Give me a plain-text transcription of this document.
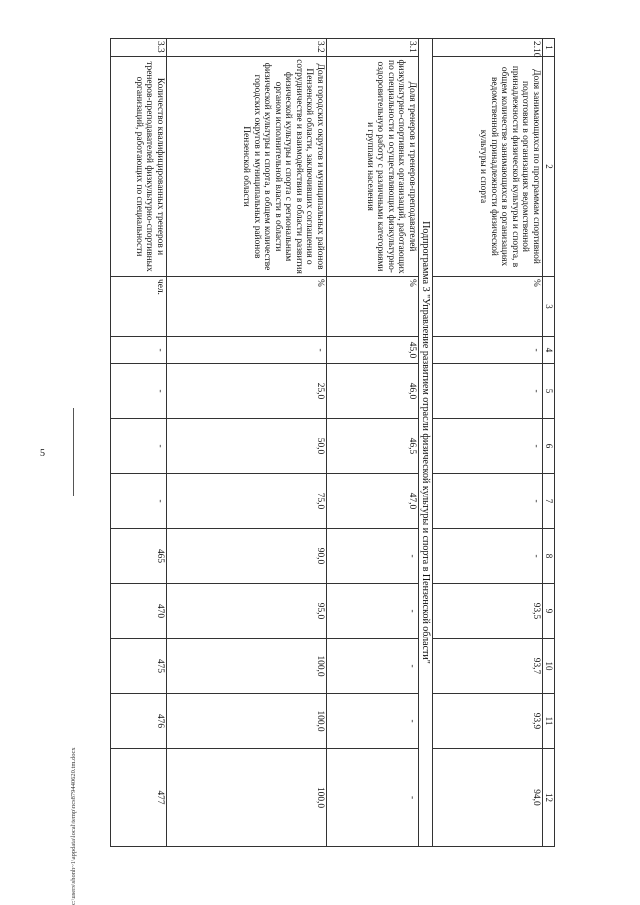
5
c:\users\shonh~1\appdata\local\temp\ncs879440620.tm.docx
1	2	3	4	5	6	7	8	9	10	11	12
2.10	Доля занимающихся по программам спортивной подготовки в организациях ведомственной принадлежности физической культуры и спорта, в общем количестве занимающихся в организациях ведомственной принадлежности физической культуры и спорта	%	-	-	-	-	-	93,5	93,7	93,9	94,0
Подпрограмма 3 "Управление развитием отрасли физической культуры и спорта в Пензенской области"											
3.1	Доля тренеров и тренеров-преподавателей физкультурно-спортивных организаций, работающих по специальности и осуществляющих физкультурно-оздоровительную работу с различными категориями и группами населения	%	45,0	46,0	46,5	47,0	-	-	-	-	-
3.2	Доля городских округов и муниципальных районов Пензенской области, заключивших соглашения о сотрудничестве и взаимодействии в области развития физической культуры и спорта с региональным органом исполнительной власти в области физической культуры и спорта, в общем количестве городских округов и муниципальных районов Пензенской области	%	-	25,0	50,0	75,0	90,0	95,0	100,0	100,0	100,0
3.3	Количество квалифицированных тренеров и тренеров-преподавателей физкультурно-спортивных организаций, работающих по специальности	чел.	-	-	-	-	465	470	475	476	477
